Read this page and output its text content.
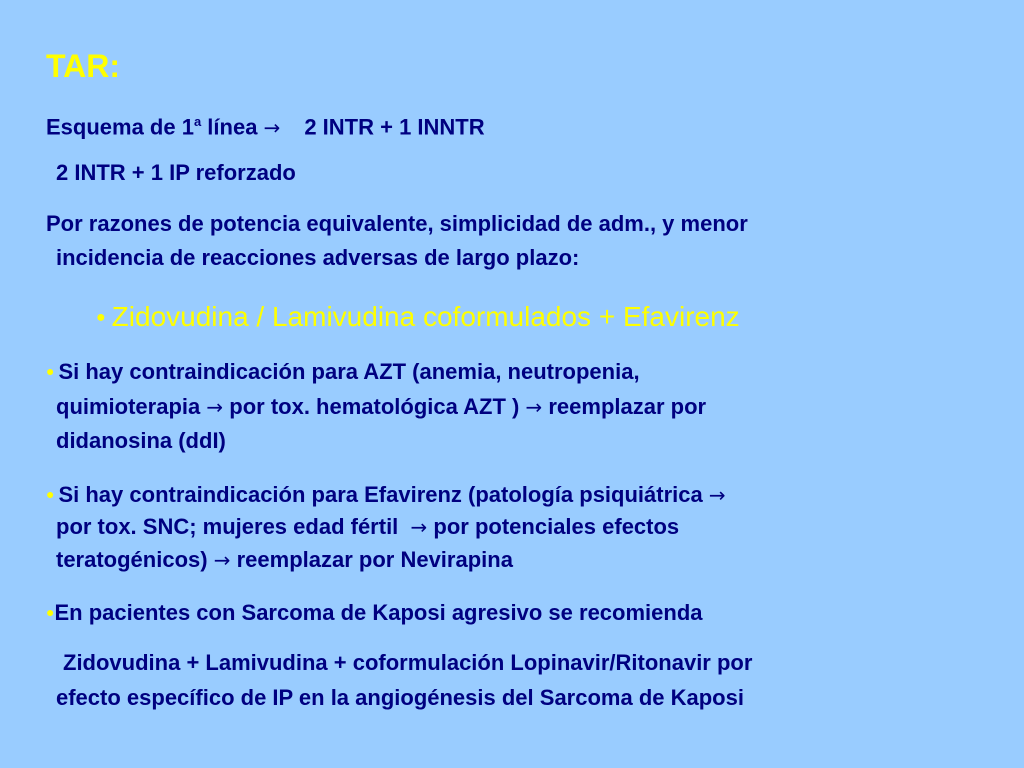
TAR:
Esquema de 1$^a$ línea → 2 INTR + 1 INNTR
2 INTR + 1 IP reforzado
Por razones de potencia equivalente, simplicidad de adm., y menor
incidencia de reacciones adversas de largo plazo:
● Zidovudina / Lamivudina coformulados + Efavirenz
● Si hay contraindicación para AZT (anemia, neutropenia,
quimioterapia → por tox. hematológica AZT ) → reemplazar por
didanosina (ddI)
● Si hay contraindicación para Efavirenz (patología psiquiátrica →
por tox. SNC; mujeres edad fértil → por potenciales efectos
teratogénicos) → reemplazar por Nevirapina
●En pacientes con Sarcoma de Kaposi agresivo se recomienda
Zidovudina + Lamivudina + coformulación Lopinavir/Ritonavir por
efecto específico de IP en la angiogénesis del Sarcoma de Kaposi
